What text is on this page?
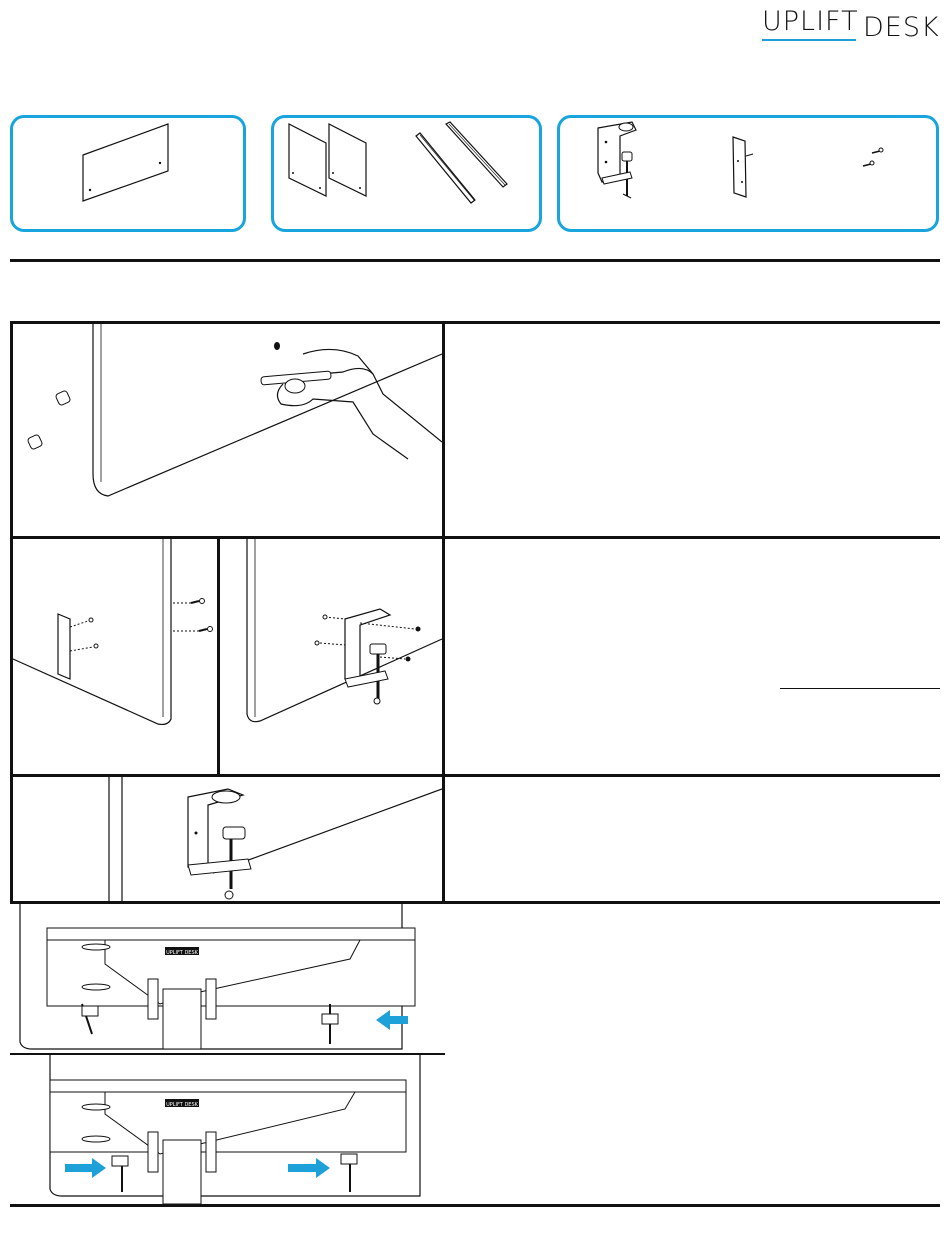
UPLIFT DESK
UPLIFT DESK
UPLIFT DESK
